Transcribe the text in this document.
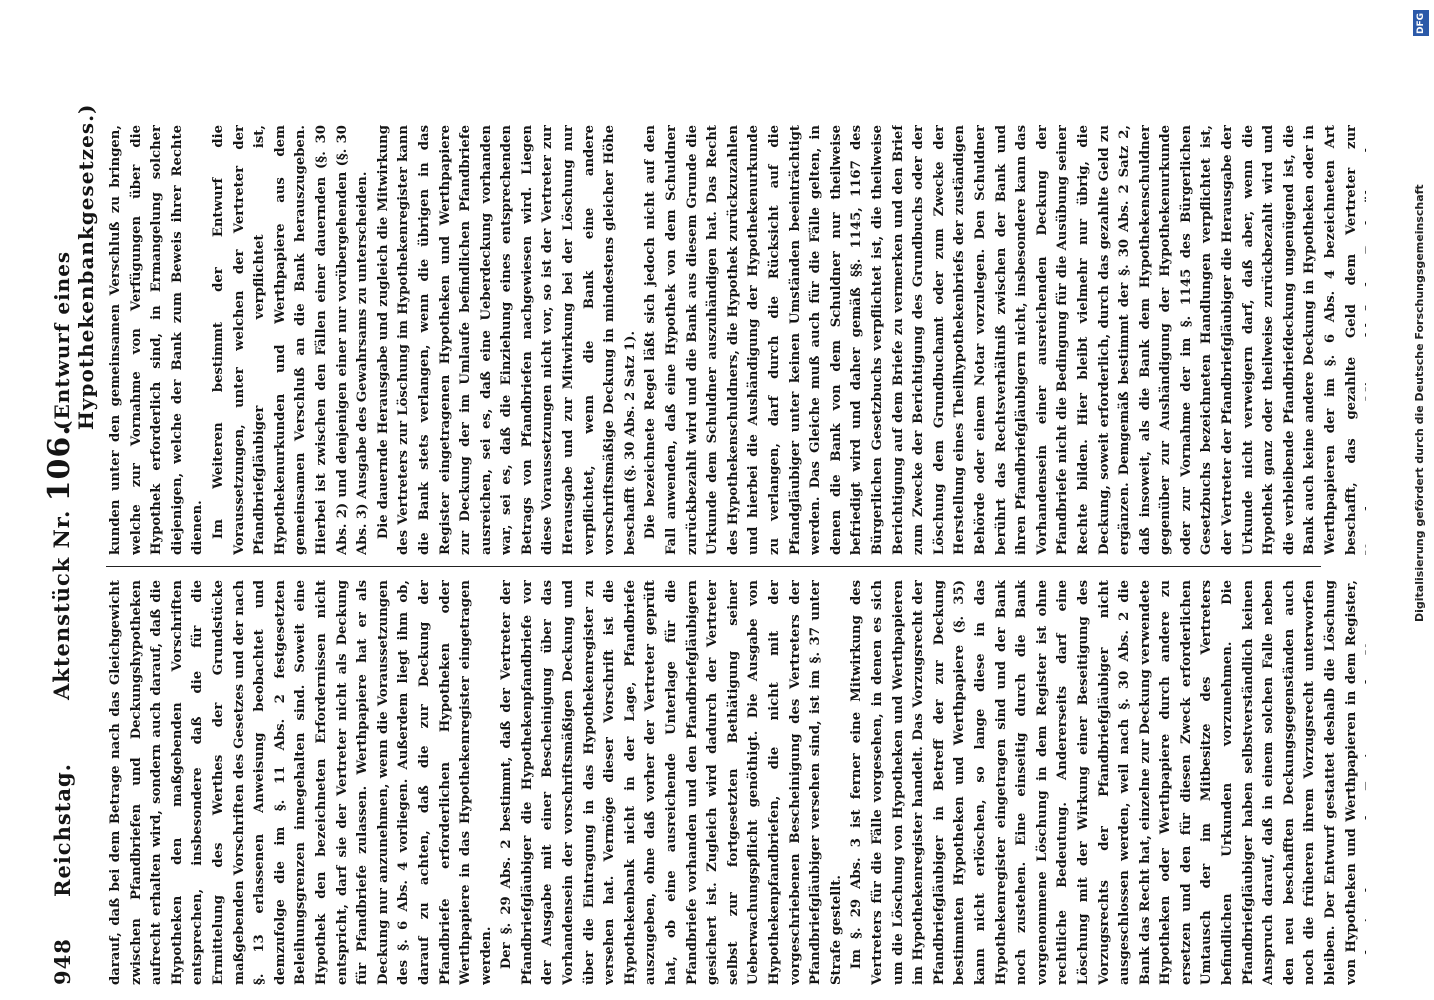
948
Reichstag.
Aktenstück Nr. 106.
(Entwurf eines Hypothekenbankgesetzes.)

darauf, daß bei dem Betrage nach das Gleichgewicht zwischen Pfandbriefen und Deckungshypotheken aufrecht erhalten wird, sondern auch darauf, daß die Hypotheken den maßgebenden Vorschriften entsprechen, insbesondere daß die für die Ermittelung des Werthes der Grundstücke maßgebenden Vorschriften des Gesetzes und der nach §. 13 erlassenen Anweisung beobachtet und demzufolge die im §. 11 Abs. 2 festgesetzten Beleihungsgrenzen innegehalten sind. Soweit eine Hypothek den bezeichneten Erfordernissen nicht entspricht, darf sie der Vertreter nicht als Deckung für Pfandbriefe zulassen. Werthpapiere hat er als Deckung nur anzunehmen, wenn die Voraussetzungen des §. 6 Abs. 4 vorliegen. Außerdem liegt ihm ob, darauf zu achten, daß die zur Deckung der Pfandbriefe erforderlichen Hypotheken oder Werthpapiere in das Hypothekenregister eingetragen werden. Der §. 29 Abs. 2 bestimmt, daß der Vertreter der Pfandbriefgläubiger die Hypothekenpfandbriefe vor der Ausgabe mit einer Bescheinigung über das Vorhandensein der vorschriftsmäßigen Deckung und über die Eintragung in das Hypothekenregister zu versehen hat. Vermöge dieser Vorschrift ist die Hypothekenbank nicht in der Lage, Pfandbriefe auszugeben, ohne daß vorher der Vertreter geprüft hat, ob eine ausreichende Unterlage für die Pfandbriefe vorhanden und den Pfandbriefgläubigern gesichert ist. Zugleich wird dadurch der Vertreter selbst zur fortgesetzten Bethätigung seiner Ueberwachungspflicht genöthigt. Die Ausgabe von Hypothekenpfandbriefen, die nicht mit der vorgeschriebenen Bescheinigung des Vertreters der Pfandbriefgläubiger versehen sind, ist im §. 37 unter Strafe gestellt. Im §. 29 Abs. 3 ist ferner eine Mitwirkung des Vertreters für die Fälle vorgesehen, in denen es sich um die Löschung von Hypotheken und Werthpapieren im Hypothekenregister handelt. Das Vorzugsrecht der Pfandbriefgläubiger in Betreff der zur Deckung bestimmten Hypotheken und Werthpapiere (§. 35) kann nicht erlöschen, so lange diese in das Hypothekenregister eingetragen sind und der Bank noch zustehen. Eine einseitig durch die Bank vorgenommene Löschung in dem Register ist ohne rechtliche Bedeutung. Andererseits darf eine Löschung mit der Wirkung einer Beseitigung des Vorzugsrechts der Pfandbriefgläubiger nicht ausgeschlossen werden, weil nach §. 30 Abs. 2 die Bank das Recht hat, einzelne zur Deckung verwendete Hypotheken oder Werthpapiere durch andere zu ersetzen und den für diesen Zweck erforderlichen Umtausch der im Mitbesitze des Vertreters befindlichen Urkunden vorzunehmen. Die Pfandbriefgläubiger haben selbstverständlich keinen Anspruch darauf, daß in einem solchen Falle neben den neu beschafften Deckungsgegenständen auch noch die früheren ihrem Vorzugsrecht unterworfen bleiben. Der Entwurf gestattet deshalb die Löschung von Hypotheken und Werthpapieren in dem Register,

kunden unter den gemeinsamen Verschluß zu bringen, welche zur Vornahme von Verfügungen über die Hypothek erforderlich sind, in Ermangelung solcher diejenigen, welche der Bank zum Beweis ihrer Rechte dienen. Im Weiteren bestimmt der Entwurf die Voraussetzungen, unter welchen der Vertreter der Pfandbriefgläubiger verpflichtet ist, Hypothekenurkunden und Werthpapiere aus dem gemeinsamen Verschluß an die Bank herauszugeben. Hierbei ist zwischen den Fällen einer dauernden (§. 30 Abs. 2) und denjenigen einer nur vorübergehenden (§. 30 Abs. 3) Ausgabe des Gewahrsams zu unterscheiden. Die dauernde Herausgabe und zugleich die Mitwirkung des Vertreters zur Löschung im Hypothekenregister kann die Bank stets verlangen, wenn die übrigen in das Register eingetragenen Hypotheken und Werthpapiere zur Deckung der im Umlaufe befindlichen Pfandbriefe ausreichen, sei es, daß eine Ueberdeckung vorhanden war, sei es, daß die Einziehung eines entsprechenden Betrags von Pfandbriefen nachgewiesen wird. Liegen diese Voraussetzungen nicht vor, so ist der Vertreter zur Herausgabe und zur Mitwirkung bei der Löschung nur verpflichtet, wenn die Bank eine andere vorschriftsmäßige Deckung in mindestens gleicher Höhe beschafft (§. 30 Abs. 2 Satz 1). Die bezeichnete Regel läßt sich jedoch nicht auf den Fall anwenden, daß eine Hypothek von dem Schuldner zurückbezahlt wird und die Bank aus diesem Grunde die Urkunde dem Schuldner auszuhändigen hat. Das Recht des Hypothekenschuldners, die Hypothek zurückzuzahlen und hierbei die Aushändigung der Hypothekenurkunde zu verlangen, darf durch die Rücksicht auf die Pfandgläubiger unter keinen Umständen beeinträchtigt werden. Das Gleiche muß auch für die Fälle gelten, in denen die Bank von dem Schuldner nur theilweise befriedigt wird und daher gemäß §§. 1145, 1167 des Bürgerlichen Gesetzbuchs verpflichtet ist, die theilweise Berichtigung auf dem Briefe zu vermerken und den Brief zum Zwecke der Berichtigung des Grundbuchs oder der Löschung dem Grundbuchamt oder zum Zwecke der Herstellung eines Theilhypothekenbriefs der zuständigen Behörde oder einem Notar vorzulegen. Den Schuldner berührt das Rechtsverhältniß zwischen der Bank und ihren Pfandbriefgläubigern nicht, insbesondere kann das Vorhandensein einer ausreichenden Deckung der Pfandbriefe nicht die Bedingung für die Ausübung seiner Rechte bilden. Hier bleibt vielmehr nur übrig, die Deckung, soweit erforderlich, durch das gezahlte Geld zu ergänzen. Demgemäß bestimmt der §. 30 Abs. 2 Satz 2, daß insoweit, als die Bank dem Hypothekenschuldner gegenüber zur Aushändigung der Hypothekenurkunde oder zur Vornahme der im §. 1145 des Bürgerlichen Gesetzbuchs bezeichneten Handlungen verpflichtet ist, der Vertreter der Pfandbriefgläubiger die Herausgabe der Urkunde nicht verweigern darf, daß aber, wenn die Hypothek ganz oder theilweise zurückbezahlt wird und die verbleibende Pfandbriefdeckung ungenügend ist, die Bank auch keine andere Deckung in Hypotheken oder in Werthpapieren der im §. 6 Abs. 4 bezeichneten Art beschafft, das gezahlte Geld dem Vertreter zur

DFG
Digitalisierung gefördert durch die Deutsche Forschungsgemeinschaft
